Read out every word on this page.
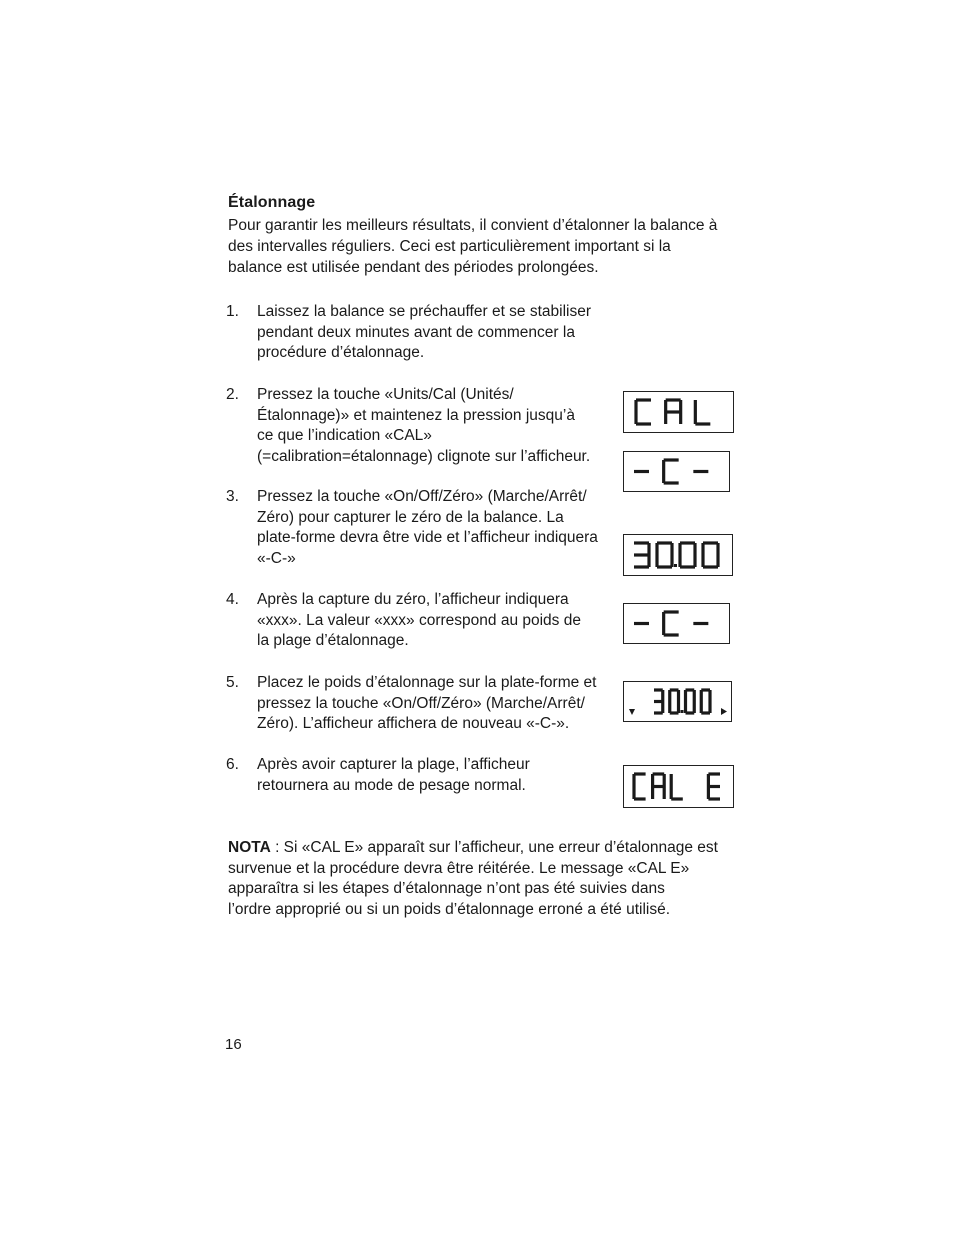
Étalonnage
Pour garantir les meilleurs résultats, il convient d’étalonner la balance à
des intervalles réguliers. Ceci est particulièrement important si la
balance est utilisée pendant des périodes prolongées.
1.	Laissez la balance se préchauffer et se stabiliser
pendant deux minutes avant de commencer la
procédure d’étalonnage.
2.	Pressez la touche «Units/Cal (Unités/
Étalonnage)» et maintenez la pression jusqu’à
ce que l’indication «CAL»
(=calibration=étalonnage) clignote sur l’afficheur.
3.	Pressez la touche «On/Off/Zéro» (Marche/Arrêt/
Zéro) pour capturer le zéro de la balance. La
plate-forme devra être vide et l’afficheur indiquera
«-C-»
4.	Après la capture du zéro, l’afficheur indiquera
«xxx». La valeur «xxx» correspond au poids de
la plage d’étalonnage.
5.	Placez le poids d’étalonnage sur la plate-forme et
pressez la touche «On/Off/Zéro» (Marche/Arrêt/
Zéro). L’afficheur affichera de nouveau «-C-».
6.	Après avoir capturer la plage, l’afficheur
retournera au mode de pesage normal.
NOTA : Si «CAL E» apparaît sur l’afficheur, une erreur d’étalonnage est
survenue et la procédure devra être réitérée. Le message «CAL E»
apparaîtra si les étapes d’étalonnage n’ont pas été suivies dans
l’ordre approprié ou si un poids d’étalonnage erroné a été utilisé.
16
